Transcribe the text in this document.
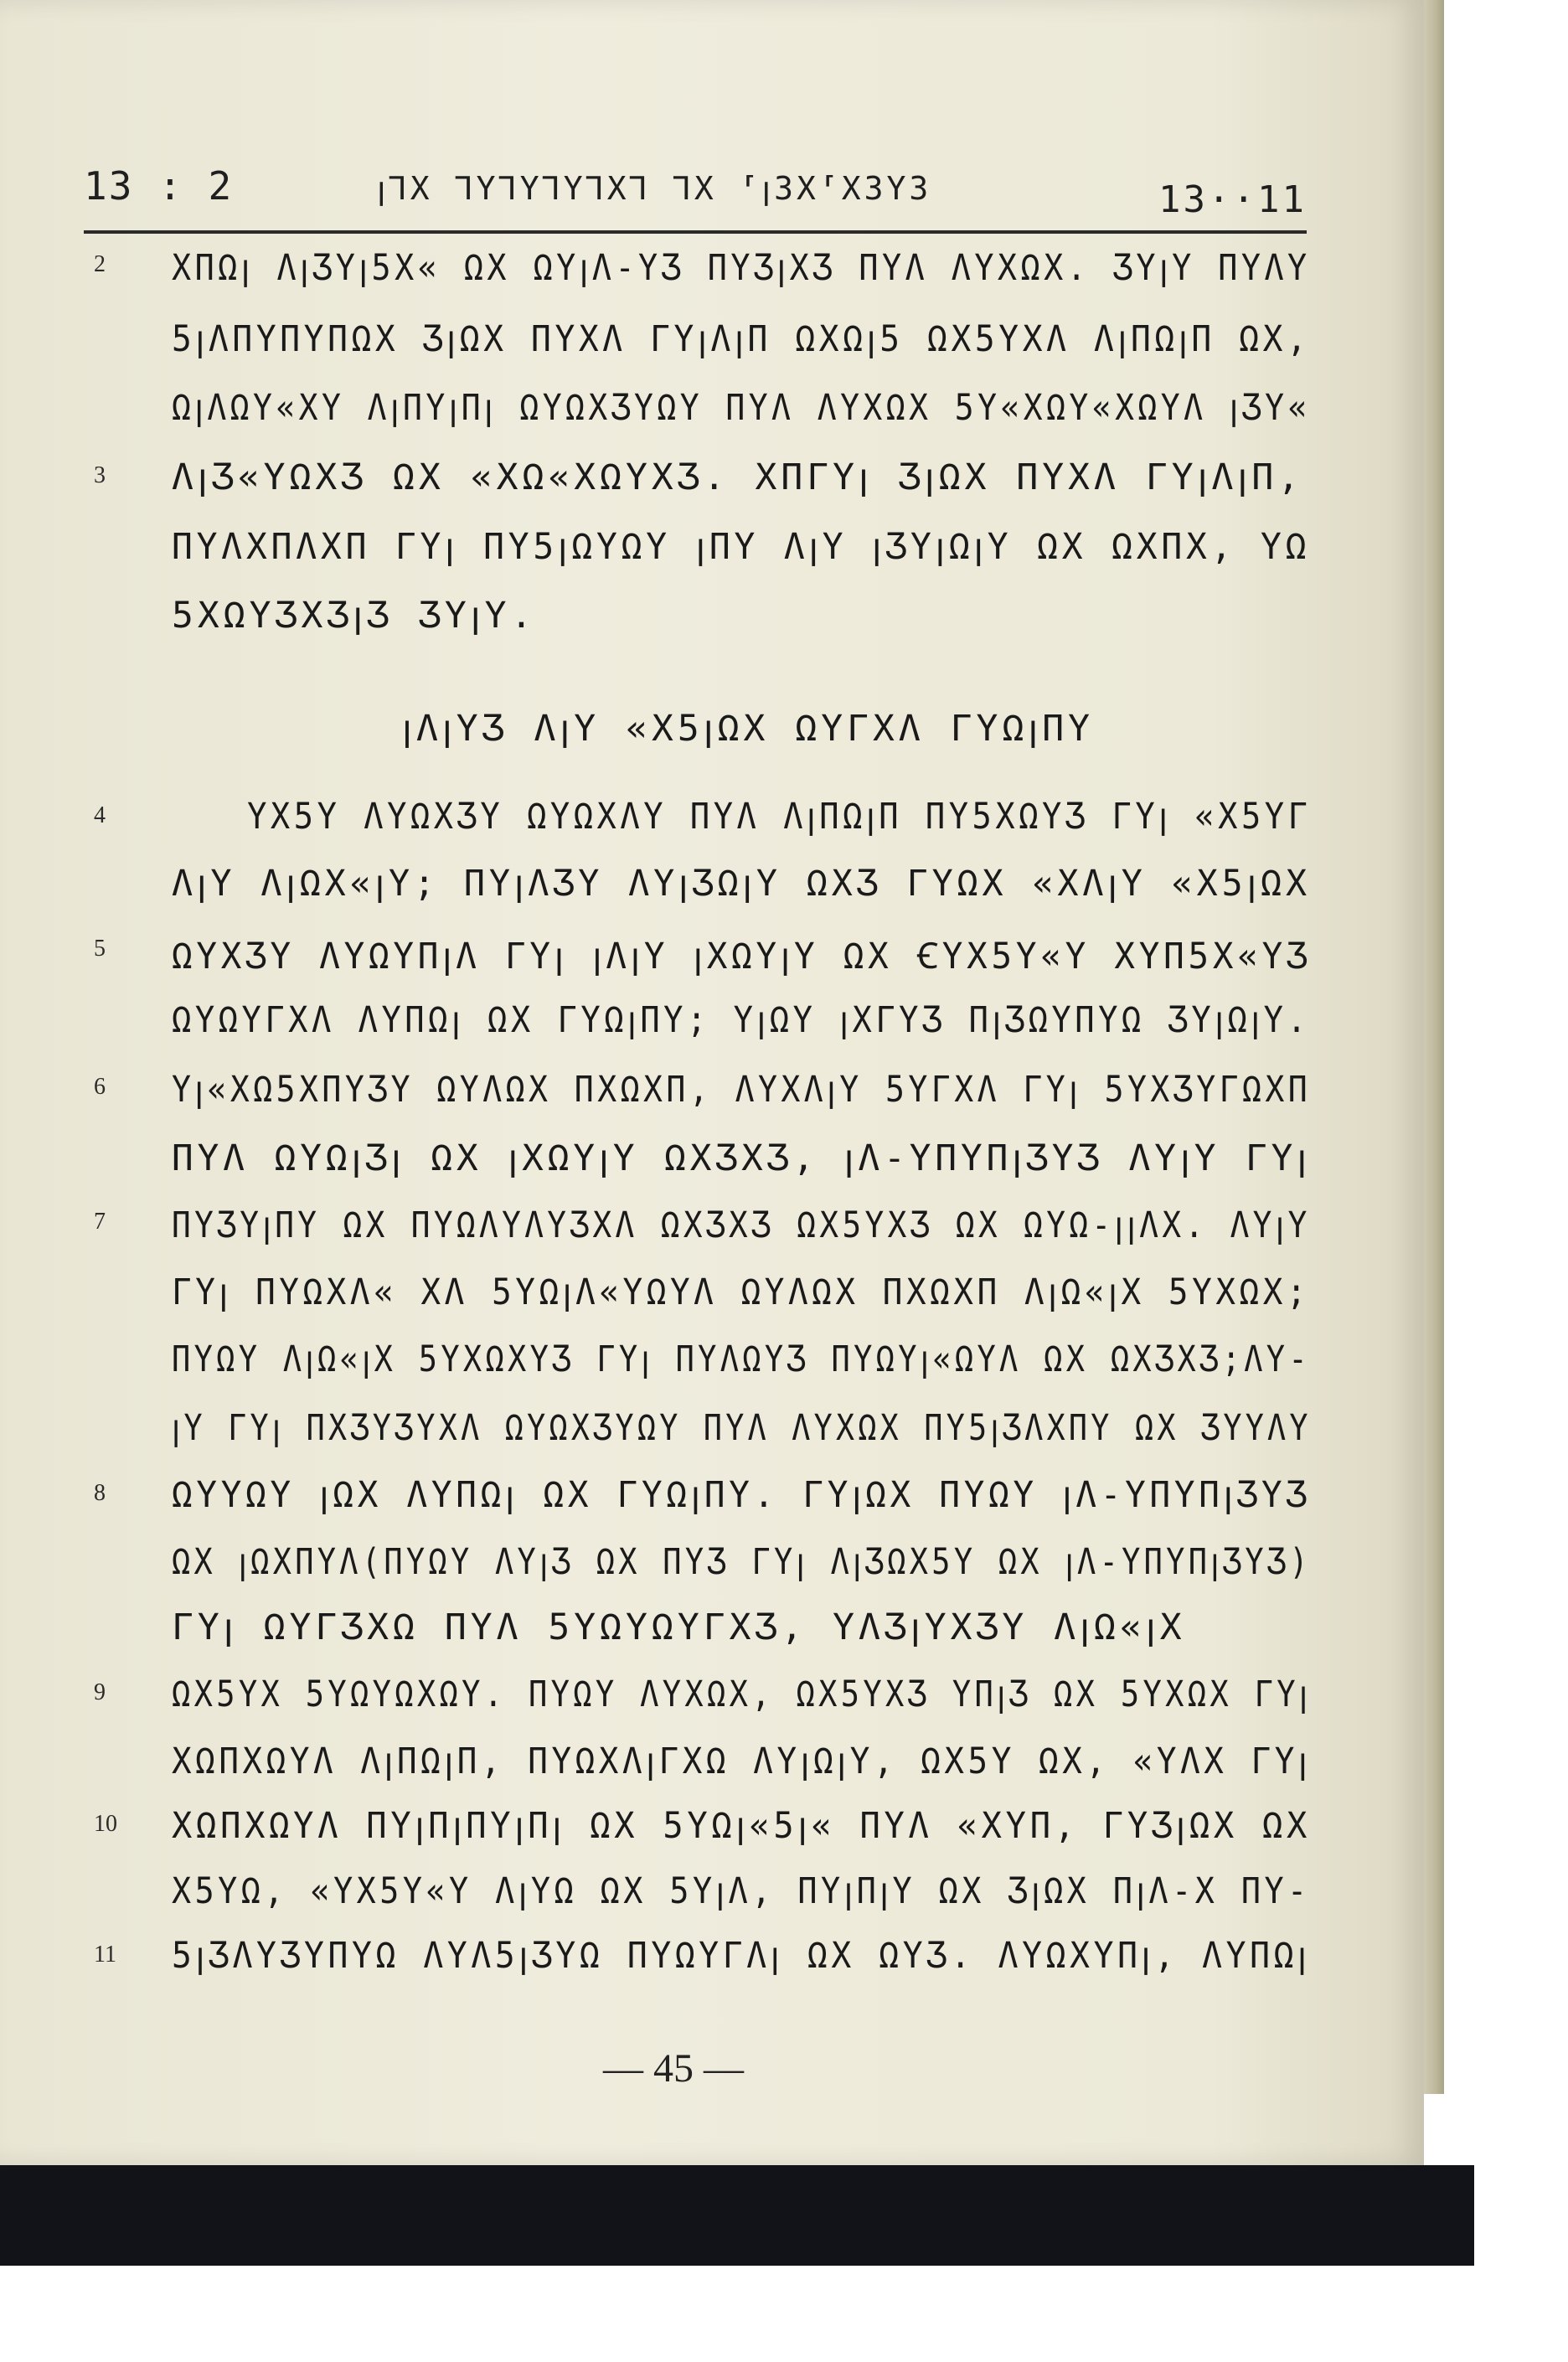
13 : 2	ꞁꞀX ꞀYꞀYꞀYꞀXꞀ ꞀX ⸢ꞁ3X⸢X3Y3	13··11
2
3
4
5
6
7
8
9
10
11
XΠΩꞁ ΛꞁƷYꞁ5X« ΩX ΩYꞁΛ-YƷ ΠYƷꞁXƷ ΠYΛ ΛYXΩX. ƷYꞁY ΠYΛY
5ꞁΛΠYΠYΠΩX ƷꞁΩX ΠYXΛ ΓYꞁΛꞁΠ ΩXΩꞁ5 ΩX5YXΛ ΛꞁΠΩꞁΠ ΩX,
ΩꞁΛΩY«XY ΛꞁΠYꞁΠꞁ ΩYΩXƷYΩY ΠYΛ ΛYXΩX 5Y«XΩY«XΩYΛ ꞁƷY«
ΛꞁƷ«YΩXƷ ΩX «XΩ«XΩYXƷ. XΠΓYꞁ ƷꞁΩX ΠYXΛ ΓYꞁΛꞁΠ,
ΠYΛXΠΛXΠ ΓYꞁ ΠY5ꞁΩYΩY ꞁΠY ΛꞁY ꞁƷYꞁΩꞁY ΩX ΩXΠX, YΩ
5XΩYƷXƷꞁƷ ƷYꞁY.
ꞁΛꞁYƷ ΛꞁY «X5ꞁΩX ΩYΓXΛ ΓYΩꞁΠY
YX5Y ΛYΩXƷY ΩYΩXΛY ΠYΛ ΛꞁΠΩꞁΠ ΠY5XΩYƷ ΓYꞁ «X5YΓ
ΛꞁY ΛꞁΩX«ꞁY; ΠYꞁΛƷY ΛYꞁƷΩꞁY ΩXƷ ΓYΩX «XΛꞁY «X5ꞁΩX
ΩYXƷY ΛYΩYΠꞁΛ ΓYꞁ ꞁΛꞁY ꞁXΩYꞁY ΩX ꞒYX5Y«Y XYΠ5X«YƷ
ΩYΩYΓXΛ ΛYΠΩꞁ ΩX ΓYΩꞁΠY; YꞁΩY ꞁXΓYƷ ΠꞁƷΩYΠYΩ ƷYꞁΩꞁY.
Yꞁ«XΩ5XΠYƷY ΩYΛΩX ΠXΩXΠ, ΛYXΛꞁY 5YΓXΛ ΓYꞁ 5YXƷYΓΩXΠ
ΠYΛ ΩYΩꞁƷꞁ ΩX ꞁXΩYꞁY ΩXƷXƷ, ꞁΛ-YΠYΠꞁƷYƷ ΛYꞁY ΓYꞁ
ΠYƷYꞁΠY ΩX ΠYΩΛYΛYƷXΛ ΩXƷXƷ ΩX5YXƷ ΩX ΩYΩ-ꞁꞁΛX. ΛYꞁY
ΓYꞁ ΠYΩXΛ« XΛ 5YΩꞁΛ«YΩYΛ ΩYΛΩX ΠXΩXΠ ΛꞁΩ«ꞁX 5YXΩX;
ΠYΩY ΛꞁΩ«ꞁX 5YXΩXYƷ ΓYꞁ ΠYΛΩYƷ ΠYΩYꞁ«ΩYΛ ΩX ΩXƷXƷ;ΛY-
ꞁY ΓYꞁ ΠXƷYƷYXΛ ΩYΩXƷYΩY ΠYΛ ΛYXΩX ΠY5ꞁƷΛXΠY ΩX ƷYYΛY
ΩYYΩY ꞁΩX ΛYΠΩꞁ ΩX ΓYΩꞁΠY. ΓYꞁΩX ΠYΩY ꞁΛ-YΠYΠꞁƷYƷ
ΩX ꞁΩXΠYΛ(ΠYΩY ΛYꞁƷ ΩX ΠYƷ ΓYꞁ ΛꞁƷΩX5Y ΩX ꞁΛ-YΠYΠꞁƷYƷ)
ΓYꞁ ΩYΓƷXΩ ΠYΛ 5YΩYΩYΓXƷ, YΛƷꞁYXƷY ΛꞁΩ«ꞁX
ΩX5YX 5YΩYΩXΩY. ΠYΩY ΛYXΩX, ΩX5YXƷ YΠꞁƷ ΩX 5YXΩX ΓYꞁ
XΩΠXΩYΛ ΛꞁΠΩꞁΠ, ΠYΩXΛꞁΓXΩ ΛYꞁΩꞁY, ΩX5Y ΩX, «YΛX ΓYꞁ
XΩΠXΩYΛ ΠYꞁΠꞁΠYꞁΠꞁ ΩX 5YΩꞁ«5ꞁ« ΠYΛ «XYΠ, ΓYƷꞁΩX ΩX
X5YΩ, «YX5Y«Y ΛꞁYΩ ΩX 5YꞁΛ, ΠYꞁΠꞁY ΩX ƷꞁΩX ΠꞁΛ-X ΠY-
5ꞁƷΛYƷYΠYΩ ΛYΛ5ꞁƷYΩ ΠYΩYΓΛꞁ ΩX ΩYƷ. ΛYΩXYΠꞁ, ΛYΠΩꞁ
— 45 —
